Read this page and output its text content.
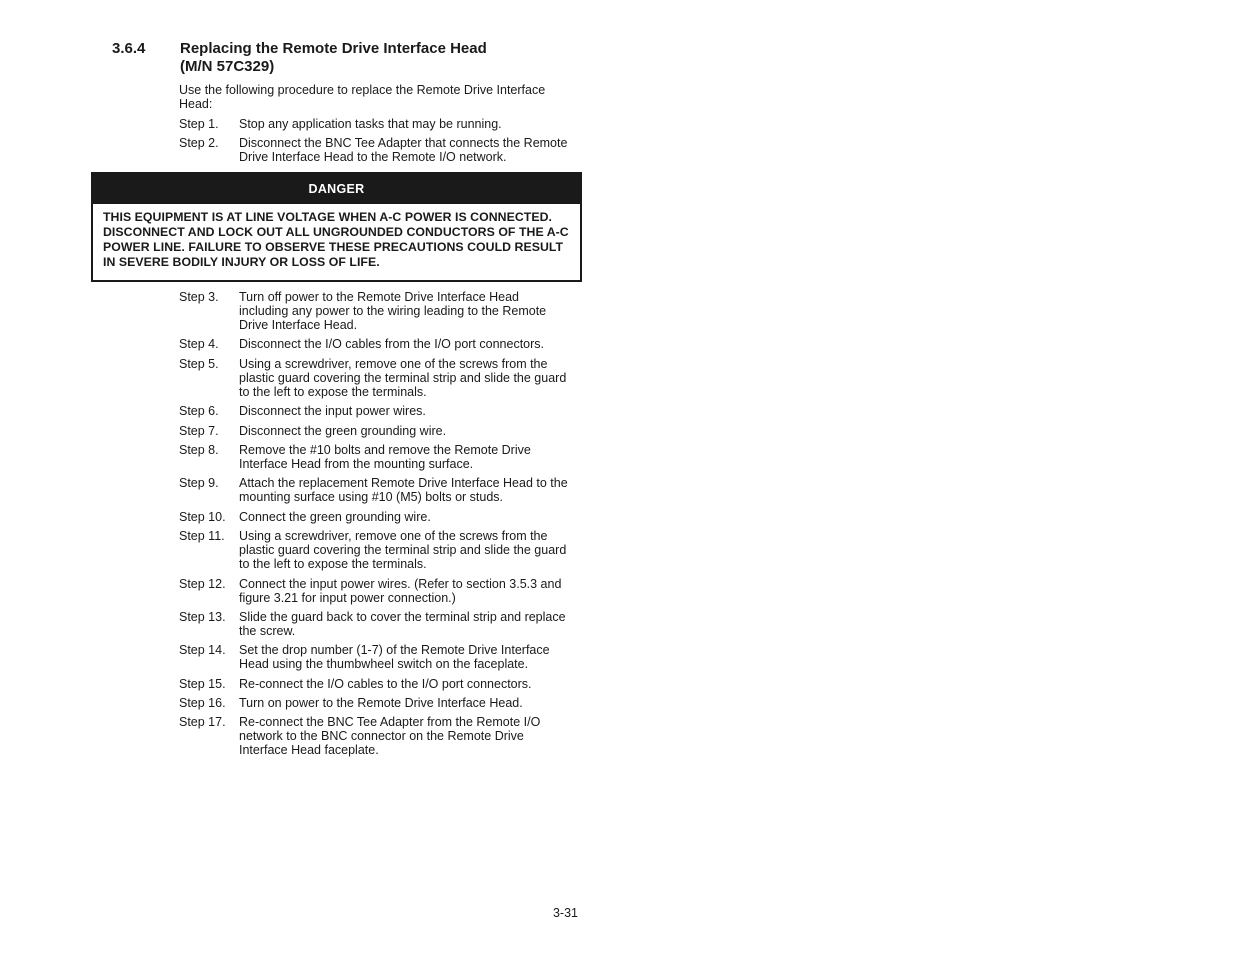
3.6.4 Replacing the Remote Drive Interface Head
(M/N 57C329)
Use the following procedure to replace the Remote Drive Interface Head:
Step 1.	Stop any application tasks that may be running.
Step 2.	Disconnect the BNC Tee Adapter that connects the Remote Drive Interface Head to the Remote I/O network.
DANGER
THIS EQUIPMENT IS AT LINE VOLTAGE WHEN A-C POWER IS CONNECTED. DISCONNECT AND LOCK OUT ALL UNGROUNDED CONDUCTORS OF THE A-C POWER LINE. FAILURE TO OBSERVE THESE PRECAUTIONS COULD RESULT IN SEVERE BODILY INJURY OR LOSS OF LIFE.
Step 3.	Turn off power to the Remote Drive Interface Head including any power to the wiring leading to the Remote Drive Interface Head.
Step 4.	Disconnect the I/O cables from the I/O port connectors.
Step 5.	Using a screwdriver, remove one of the screws from the plastic guard covering the terminal strip and slide the guard to the left to expose the terminals.
Step 6.	Disconnect the input power wires.
Step 7.	Disconnect the green grounding wire.
Step 8.	Remove the #10 bolts and remove the Remote Drive Interface Head from the mounting surface.
Step 9.	Attach the replacement Remote Drive Interface Head to the mounting surface using #10 (M5) bolts or studs.
Step 10.	Connect the green grounding wire.
Step 11.	Using a screwdriver, remove one of the screws from the plastic guard covering the terminal strip and slide the guard to the left to expose the terminals.
Step 12.	Connect the input power wires. (Refer to section 3.5.3 and figure 3.21 for input power connection.)
Step 13.	Slide the guard back to cover the terminal strip and replace the screw.
Step 14.	Set the drop number (1-7) of the Remote Drive Interface Head using the thumbwheel switch on the faceplate.
Step 15.	Re-connect the I/O cables to the I/O port connectors.
Step 16.	Turn on power to the Remote Drive Interface Head.
Step 17.	Re-connect the BNC Tee Adapter from the Remote I/O network to the BNC connector on the Remote Drive Interface Head faceplate.
3-31
